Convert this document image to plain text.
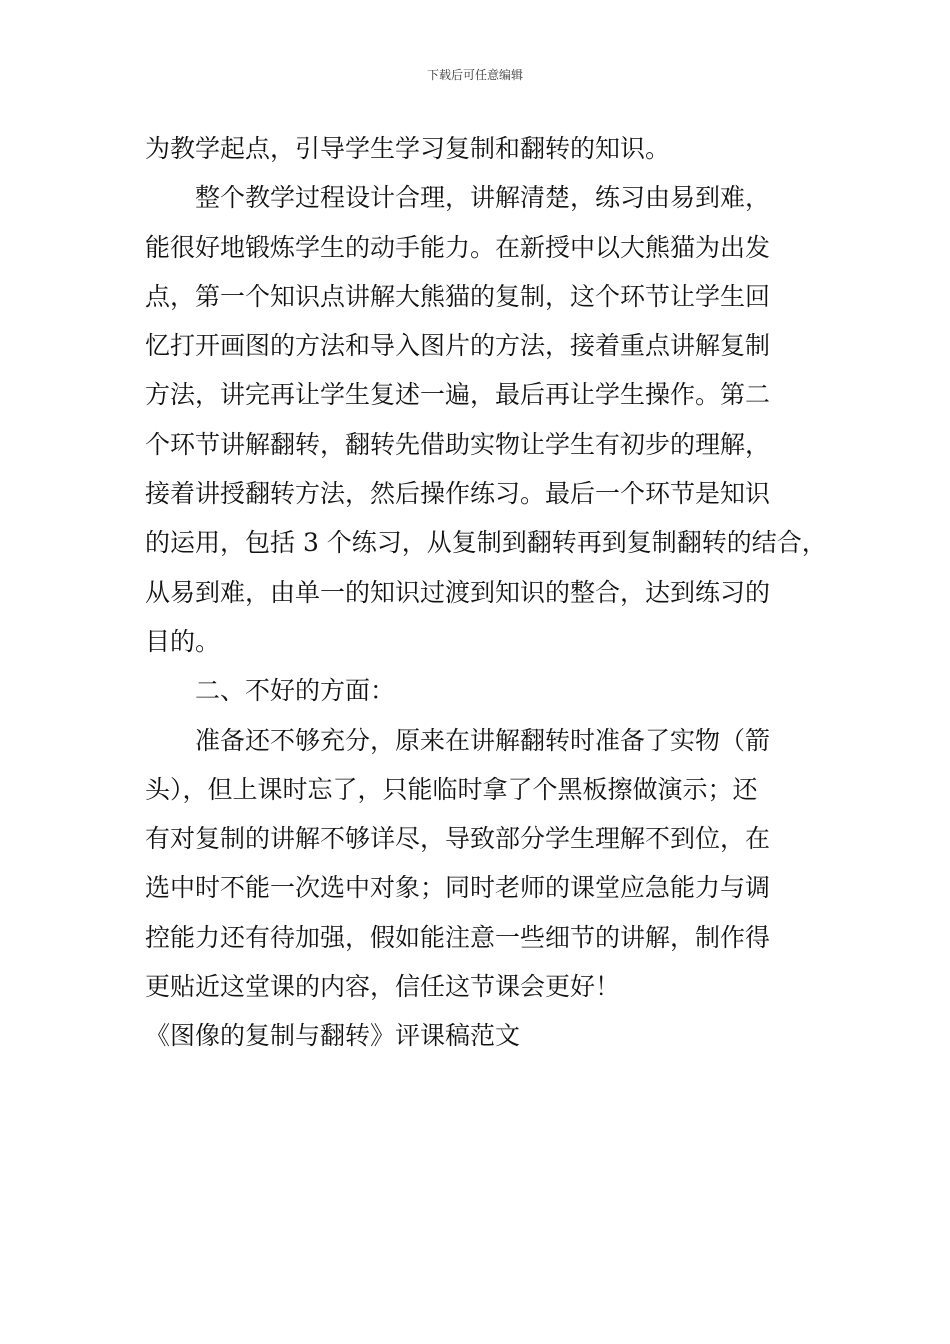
下载后可任意编辑
为教学起点，引导学生学习复制和翻转的知识。
整个教学过程设计合理，讲解清楚，练习由易到难，
能很好地锻炼学生的动手能力。在新授中以大熊猫为出发
点，第一个知识点讲解大熊猫的复制，这个环节让学生回
忆打开画图的方法和导入图片的方法，接着重点讲解复制
方法，讲完再让学生复述一遍，最后再让学生操作。第二
个环节讲解翻转，翻转先借助实物让学生有初步的理解，
接着讲授翻转方法，然后操作练习。最后一个环节是知识
的运用，包括 3 个练习，从复制到翻转再到复制翻转的结合，
从易到难，由单一的知识过渡到知识的整合，达到练习的
目的。
二、不好的方面：
准备还不够充分，原来在讲解翻转时准备了实物（箭
头），但上课时忘了，只能临时拿了个黑板擦做演示；还
有对复制的讲解不够详尽，导致部分学生理解不到位，在
选中时不能一次选中对象；同时老师的课堂应急能力与调
控能力还有待加强，假如能注意一些细节的讲解，制作得
更贴近这堂课的内容，信任这节课会更好！
《图像的复制与翻转》评课稿范文
